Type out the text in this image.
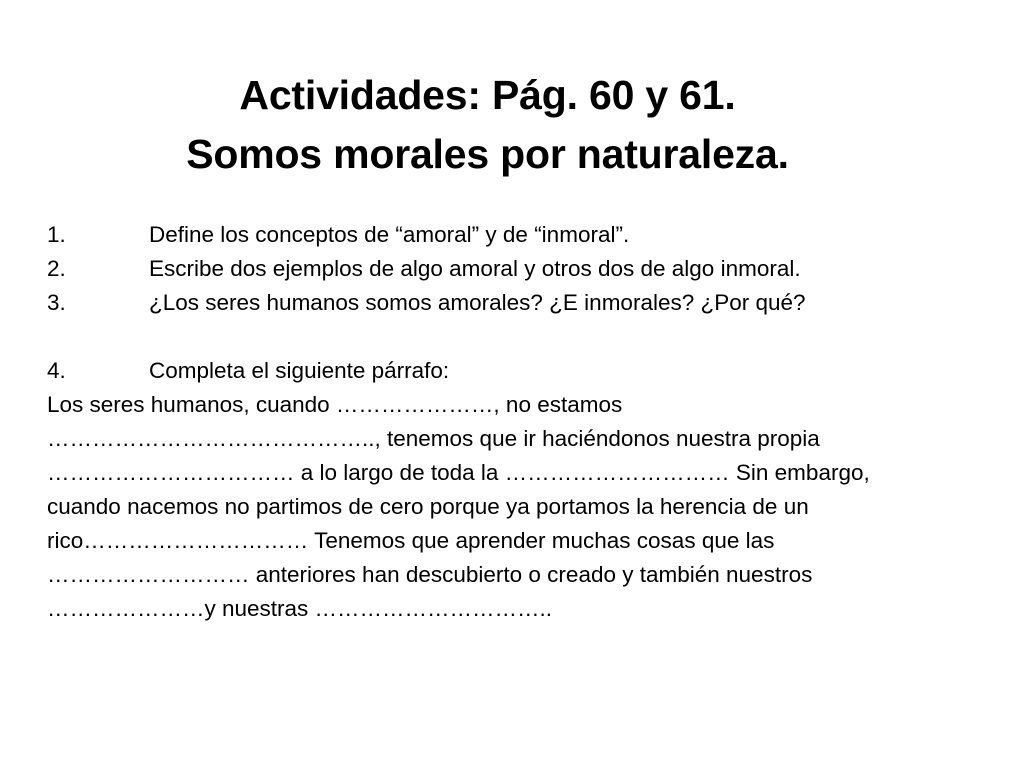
Actividades: Pág. 60 y 61.
Somos morales por naturaleza.
1.	Define los conceptos de “amoral” y de “inmoral”.
2.	Escribe dos ejemplos de algo amoral y otros dos de algo inmoral.
3.	¿Los seres humanos somos amorales? ¿E inmorales? ¿Por qué?
4.	Completa el siguiente párrafo:
Los seres humanos, cuando …………………, no estamos
…………………………………….., tenemos que ir haciéndonos nuestra propia
…………………………… a lo largo de toda la ………………………… Sin embargo,
cuando nacemos no partimos de cero porque ya portamos la herencia de un
rico………………………… Tenemos que aprender muchas cosas que las
……………………… anteriores han descubierto o creado y también nuestros
…………………y nuestras …………………………..
